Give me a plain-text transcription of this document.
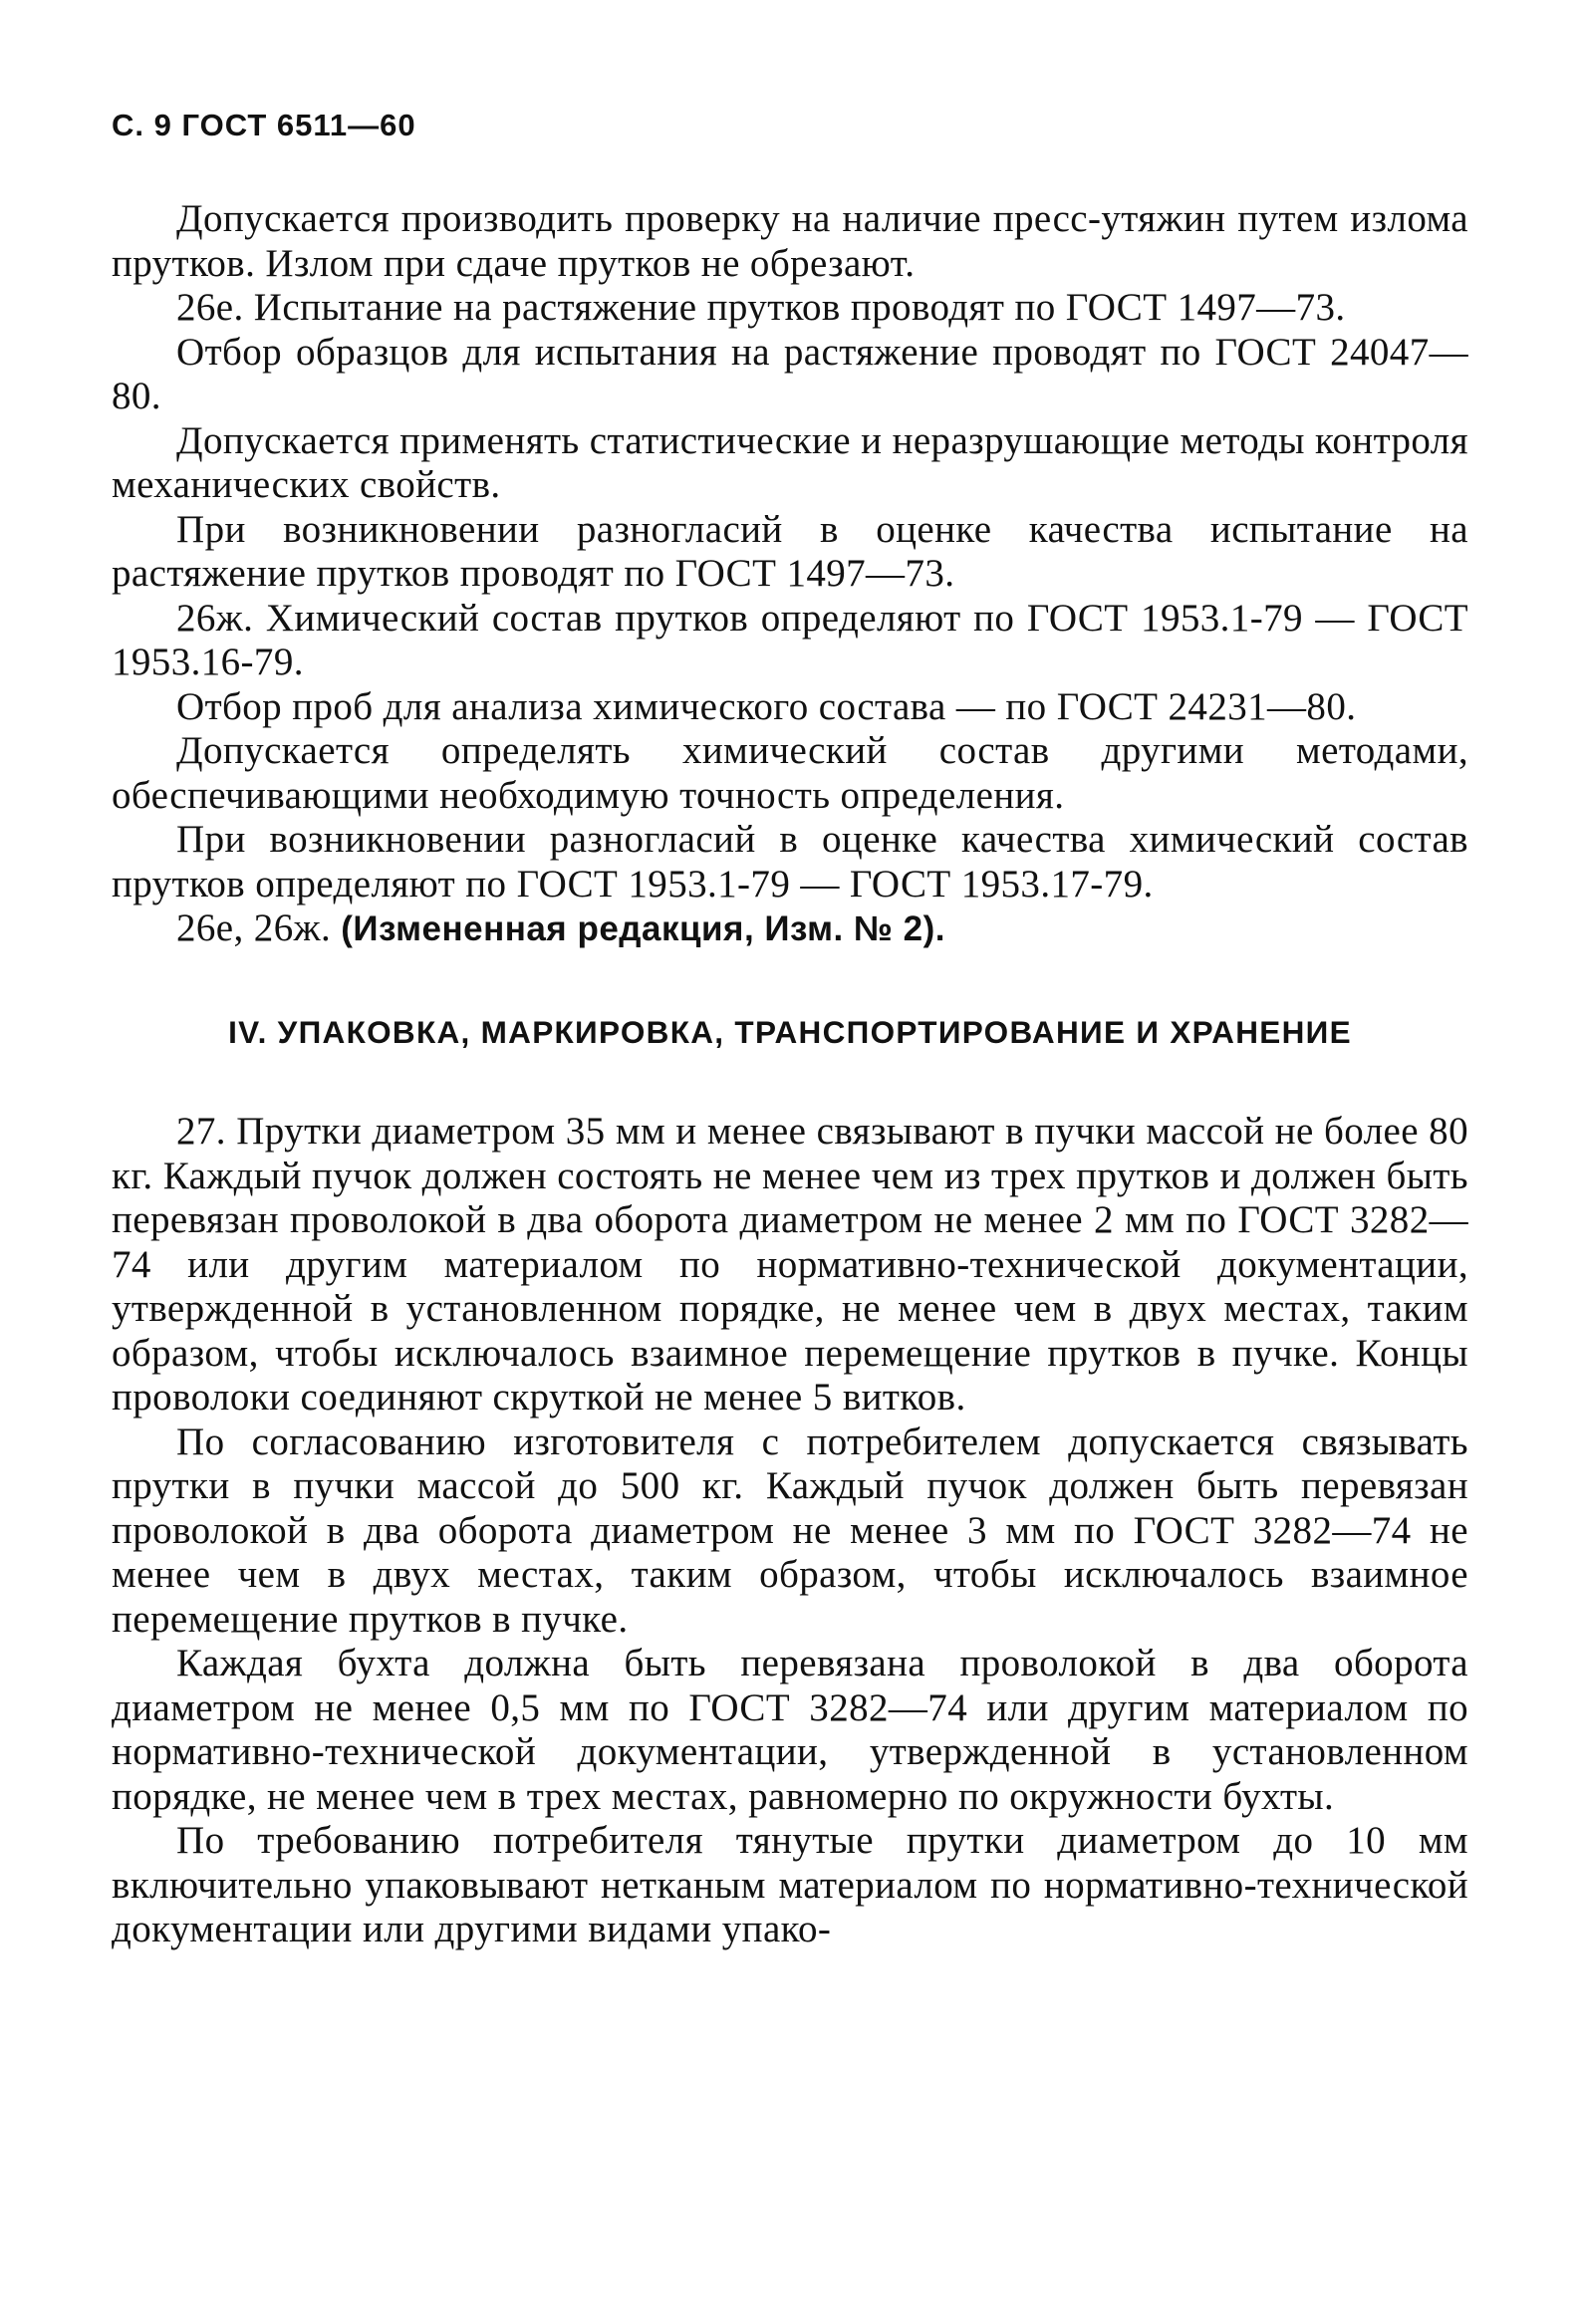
С. 9 ГОСТ 6511—60

Допускается производить проверку на наличие пресс-утяжин путем излома прутков. Излом при сдаче прутков не обрезают.

26е. Испытание на растяжение прутков проводят по ГОСТ 1497—73.

Отбор образцов для испытания на растяжение проводят по ГОСТ 24047—80.

Допускается применять статистические и неразрушающие методы контроля механических свойств.

При возникновении разногласий в оценке качества испытание на растяжение прутков проводят по ГОСТ 1497—73.

26ж. Химический состав прутков определяют по ГОСТ 1953.1-79 — ГОСТ 1953.16-79.

Отбор проб для анализа химического состава — по ГОСТ 24231—80.

Допускается определять химический состав другими методами, обеспечивающими необходимую точность определения.

При возникновении разногласий в оценке качества химический состав прутков определяют по ГОСТ 1953.1-79 — ГОСТ 1953.17-79.

26е, 26ж. (Измененная редакция, Изм. № 2).

IV. УПАКОВКА, МАРКИРОВКА, ТРАНСПОРТИРОВАНИЕ И ХРАНЕНИЕ

27. Прутки диаметром 35 мм и менее связывают в пучки массой не более 80 кг. Каждый пучок должен состоять не менее чем из трех прутков и должен быть перевязан проволокой в два оборота диаметром не менее 2 мм по ГОСТ 3282—74 или другим материалом по нормативно-технической документации, утвержденной в установленном порядке, не менее чем в двух местах, таким образом, чтобы исключалось взаимное перемещение прутков в пучке. Концы проволоки соединяют скруткой не менее 5 витков.

По согласованию изготовителя с потребителем допускается связывать прутки в пучки массой до 500 кг. Каждый пучок должен быть перевязан проволокой в два оборота диаметром не менее 3 мм по ГОСТ 3282—74 не менее чем в двух местах, таким образом, чтобы исключалось взаимное перемещение прутков в пучке.

Каждая бухта должна быть перевязана проволокой в два оборота диаметром не менее 0,5 мм по ГОСТ 3282—74 или другим материалом по нормативно-технической документации, утвержденной в установленном порядке, не менее чем в трех местах, равномерно по окружности бухты.

По требованию потребителя тянутые прутки диаметром до 10 мм включительно упаковывают нетканым материалом по нормативно-технической документации или другими видами упако-
